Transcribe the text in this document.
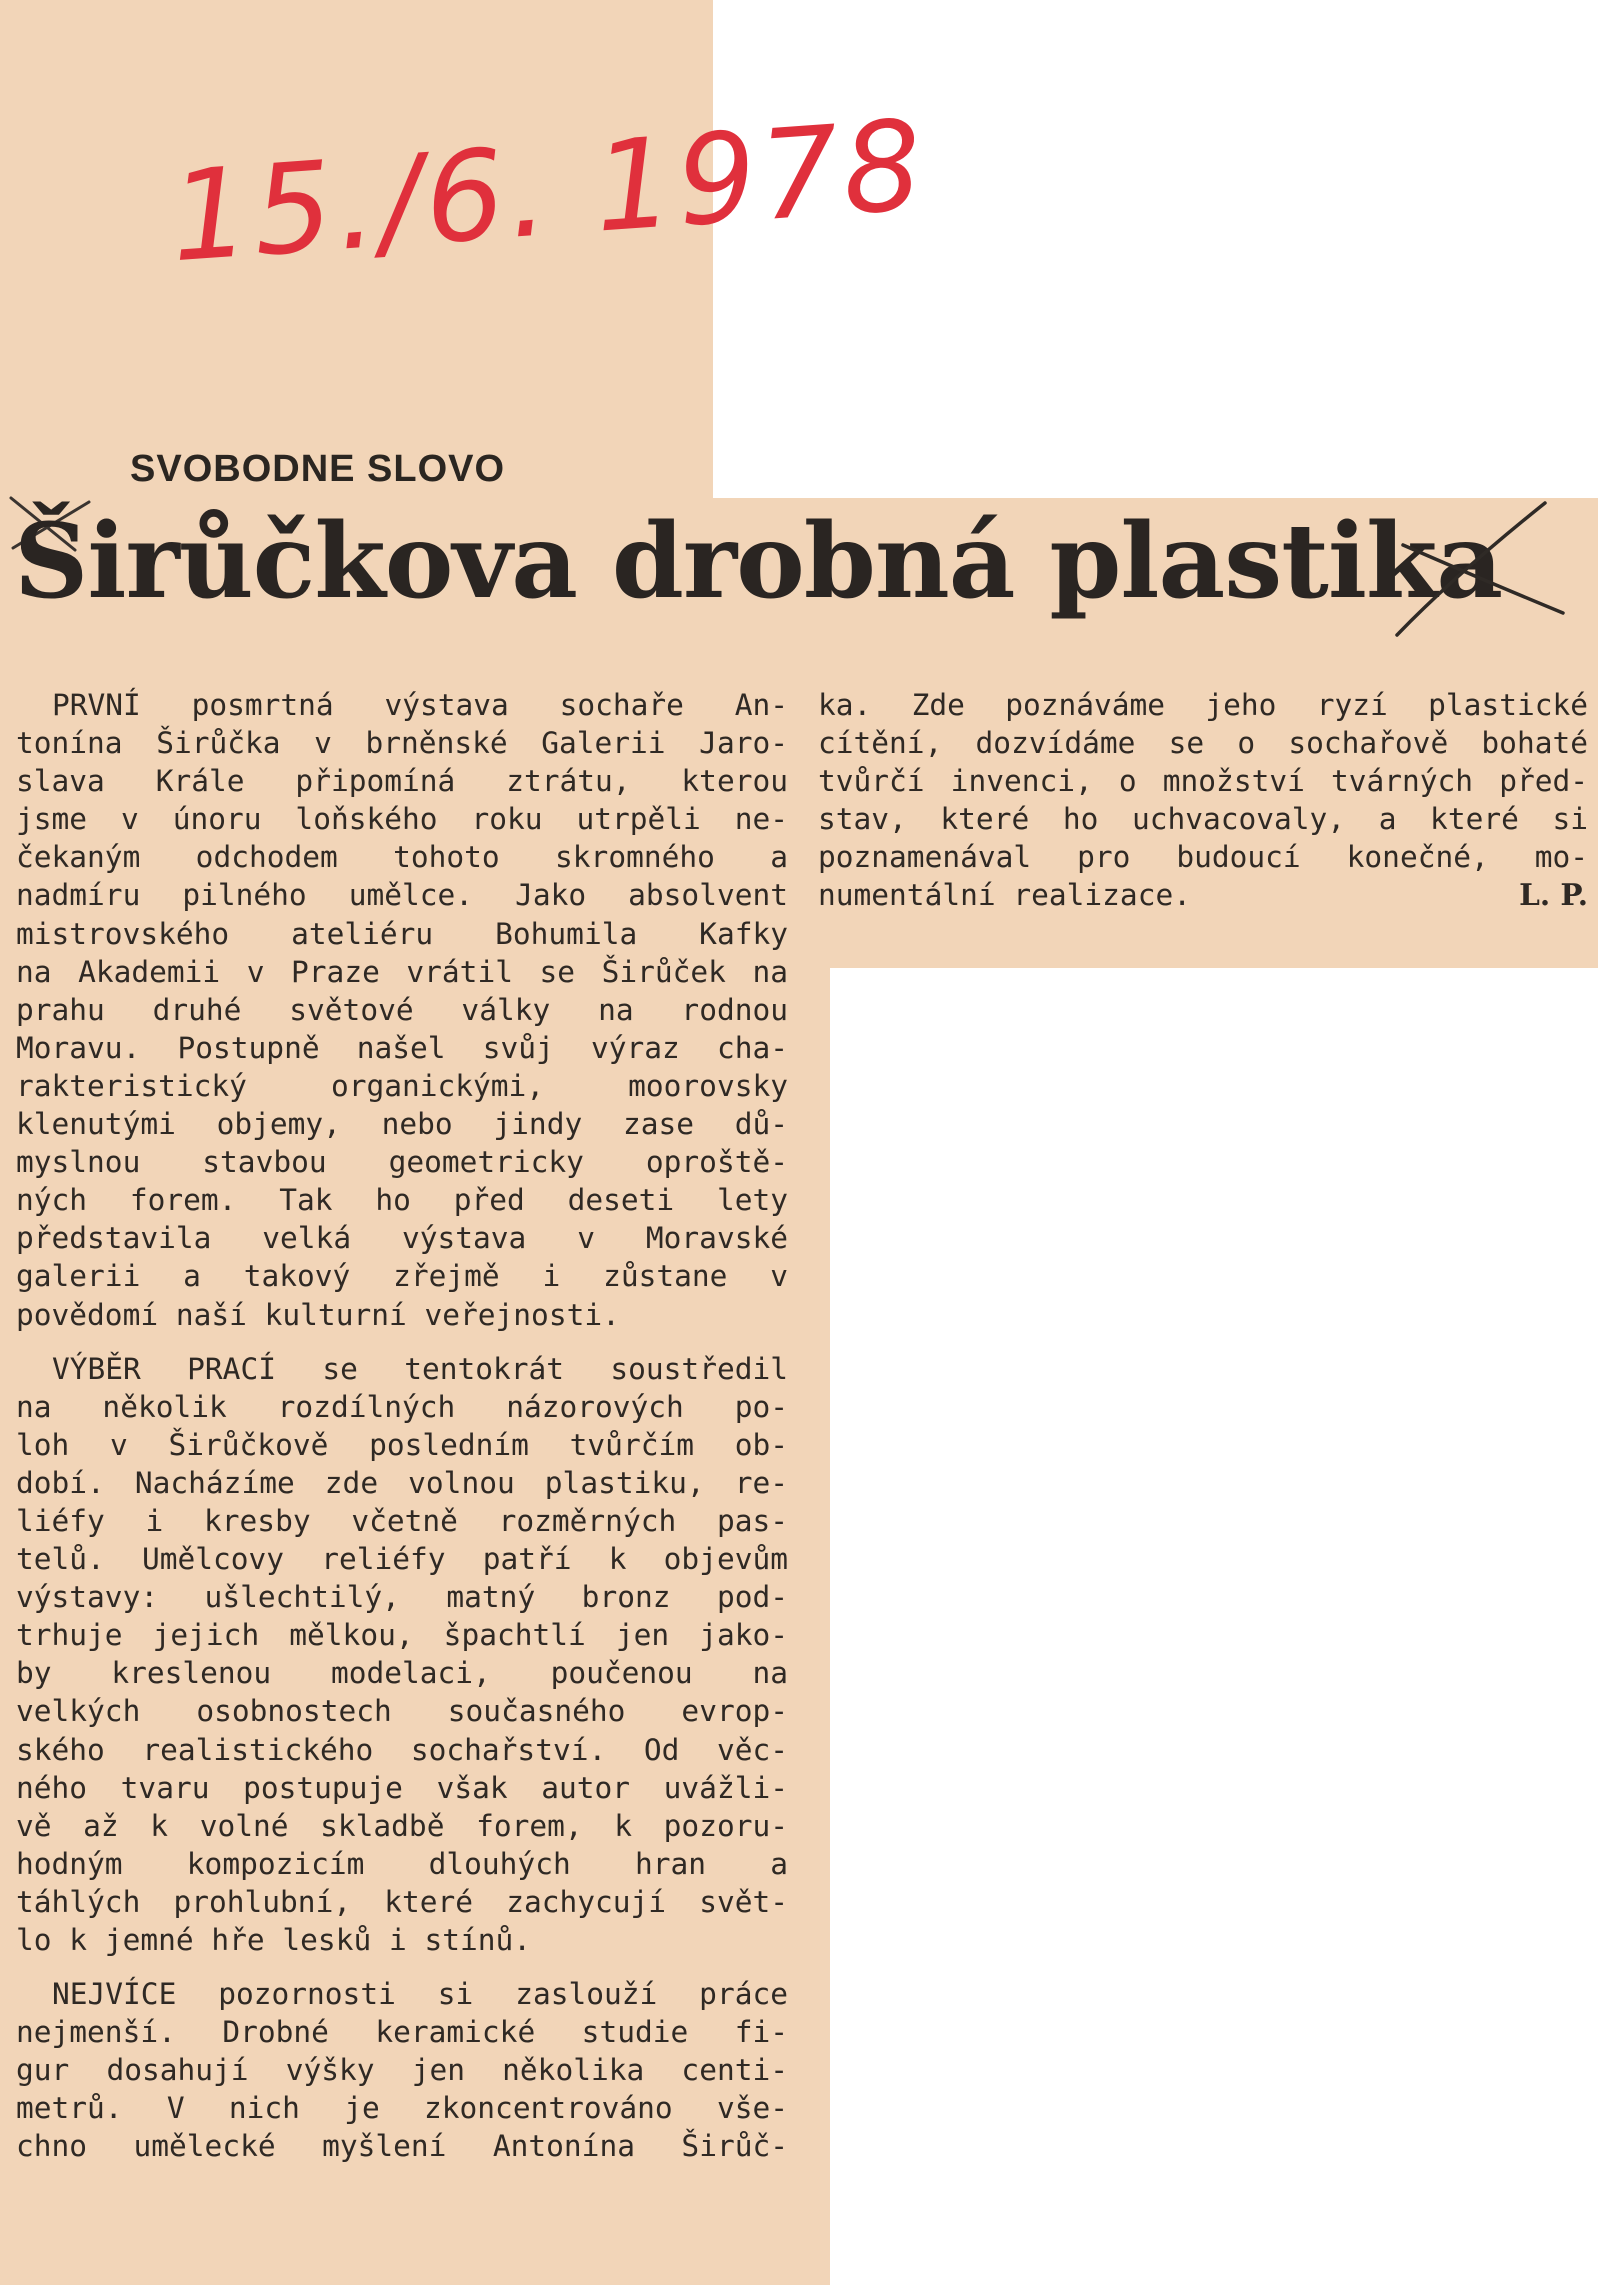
15./6. 1978
SVOBODNE SLOVO
Širůčkova drobná plastika

PRVNÍ posmrtná výstava sochaře An-

tonína Širůčka v brněnské Galerii Jaro-

slava Krále připomíná ztrátu, kterou

jsme v únoru loňského roku utrpěli ne-

čekaným odchodem tohoto skromného a

nadmíru pilného umělce. Jako absolvent

mistrovského ateliéru Bohumila Kafky

na Akademii v Praze vrátil se Širůček na

prahu druhé světové války na rodnou

Moravu. Postupně našel svůj výraz cha-

rakteristický organickými, moorovsky

klenutými objemy, nebo jindy zase dů-

myslnou stavbou geometricky oproště-

ných forem. Tak ho před deseti lety

představila velká výstava v Moravské

galerii a takový zřejmě i zůstane v

povědomí naší kulturní veřejnosti.

VÝBĚR PRACÍ se tentokrát soustředil

na několik rozdílných názorových po-

loh v Širůčkově posledním tvůrčím ob-

dobí. Nacházíme zde volnou plastiku, re-

liéfy i kresby včetně rozměrných pas-

telů. Umělcovy reliéfy patří k objevům

výstavy: ušlechtilý, matný bronz pod-

trhuje jejich mělkou, špachtlí jen jako-

by kreslenou modelaci, poučenou na

velkých osobnostech současného evrop-

ského realistického sochařství. Od věc-

ného tvaru postupuje však autor uvážli-

vě až k volné skladbě forem, k pozoru-

hodným kompozicím dlouhých hran a

táhlých prohlubní, které zachycují svět-

lo k jemné hře lesků i stínů.

NEJVÍCE pozornosti si zaslouží práce

nejmenší. Drobné keramické studie fi-

gur dosahují výšky jen několika centi-

metrů. V nich je zkoncentrováno vše-

chno umělecké myšlení Antonína Širůč-

ka. Zde poznáváme jeho ryzí plastické

cítění, dozvídáme se o sochařově bohaté

tvůrčí invenci, o množství tvárných před-

stav, které ho uchvacovaly, a které si

poznamenával pro budoucí konečné, mo-

numentální realizace.	L. P.
